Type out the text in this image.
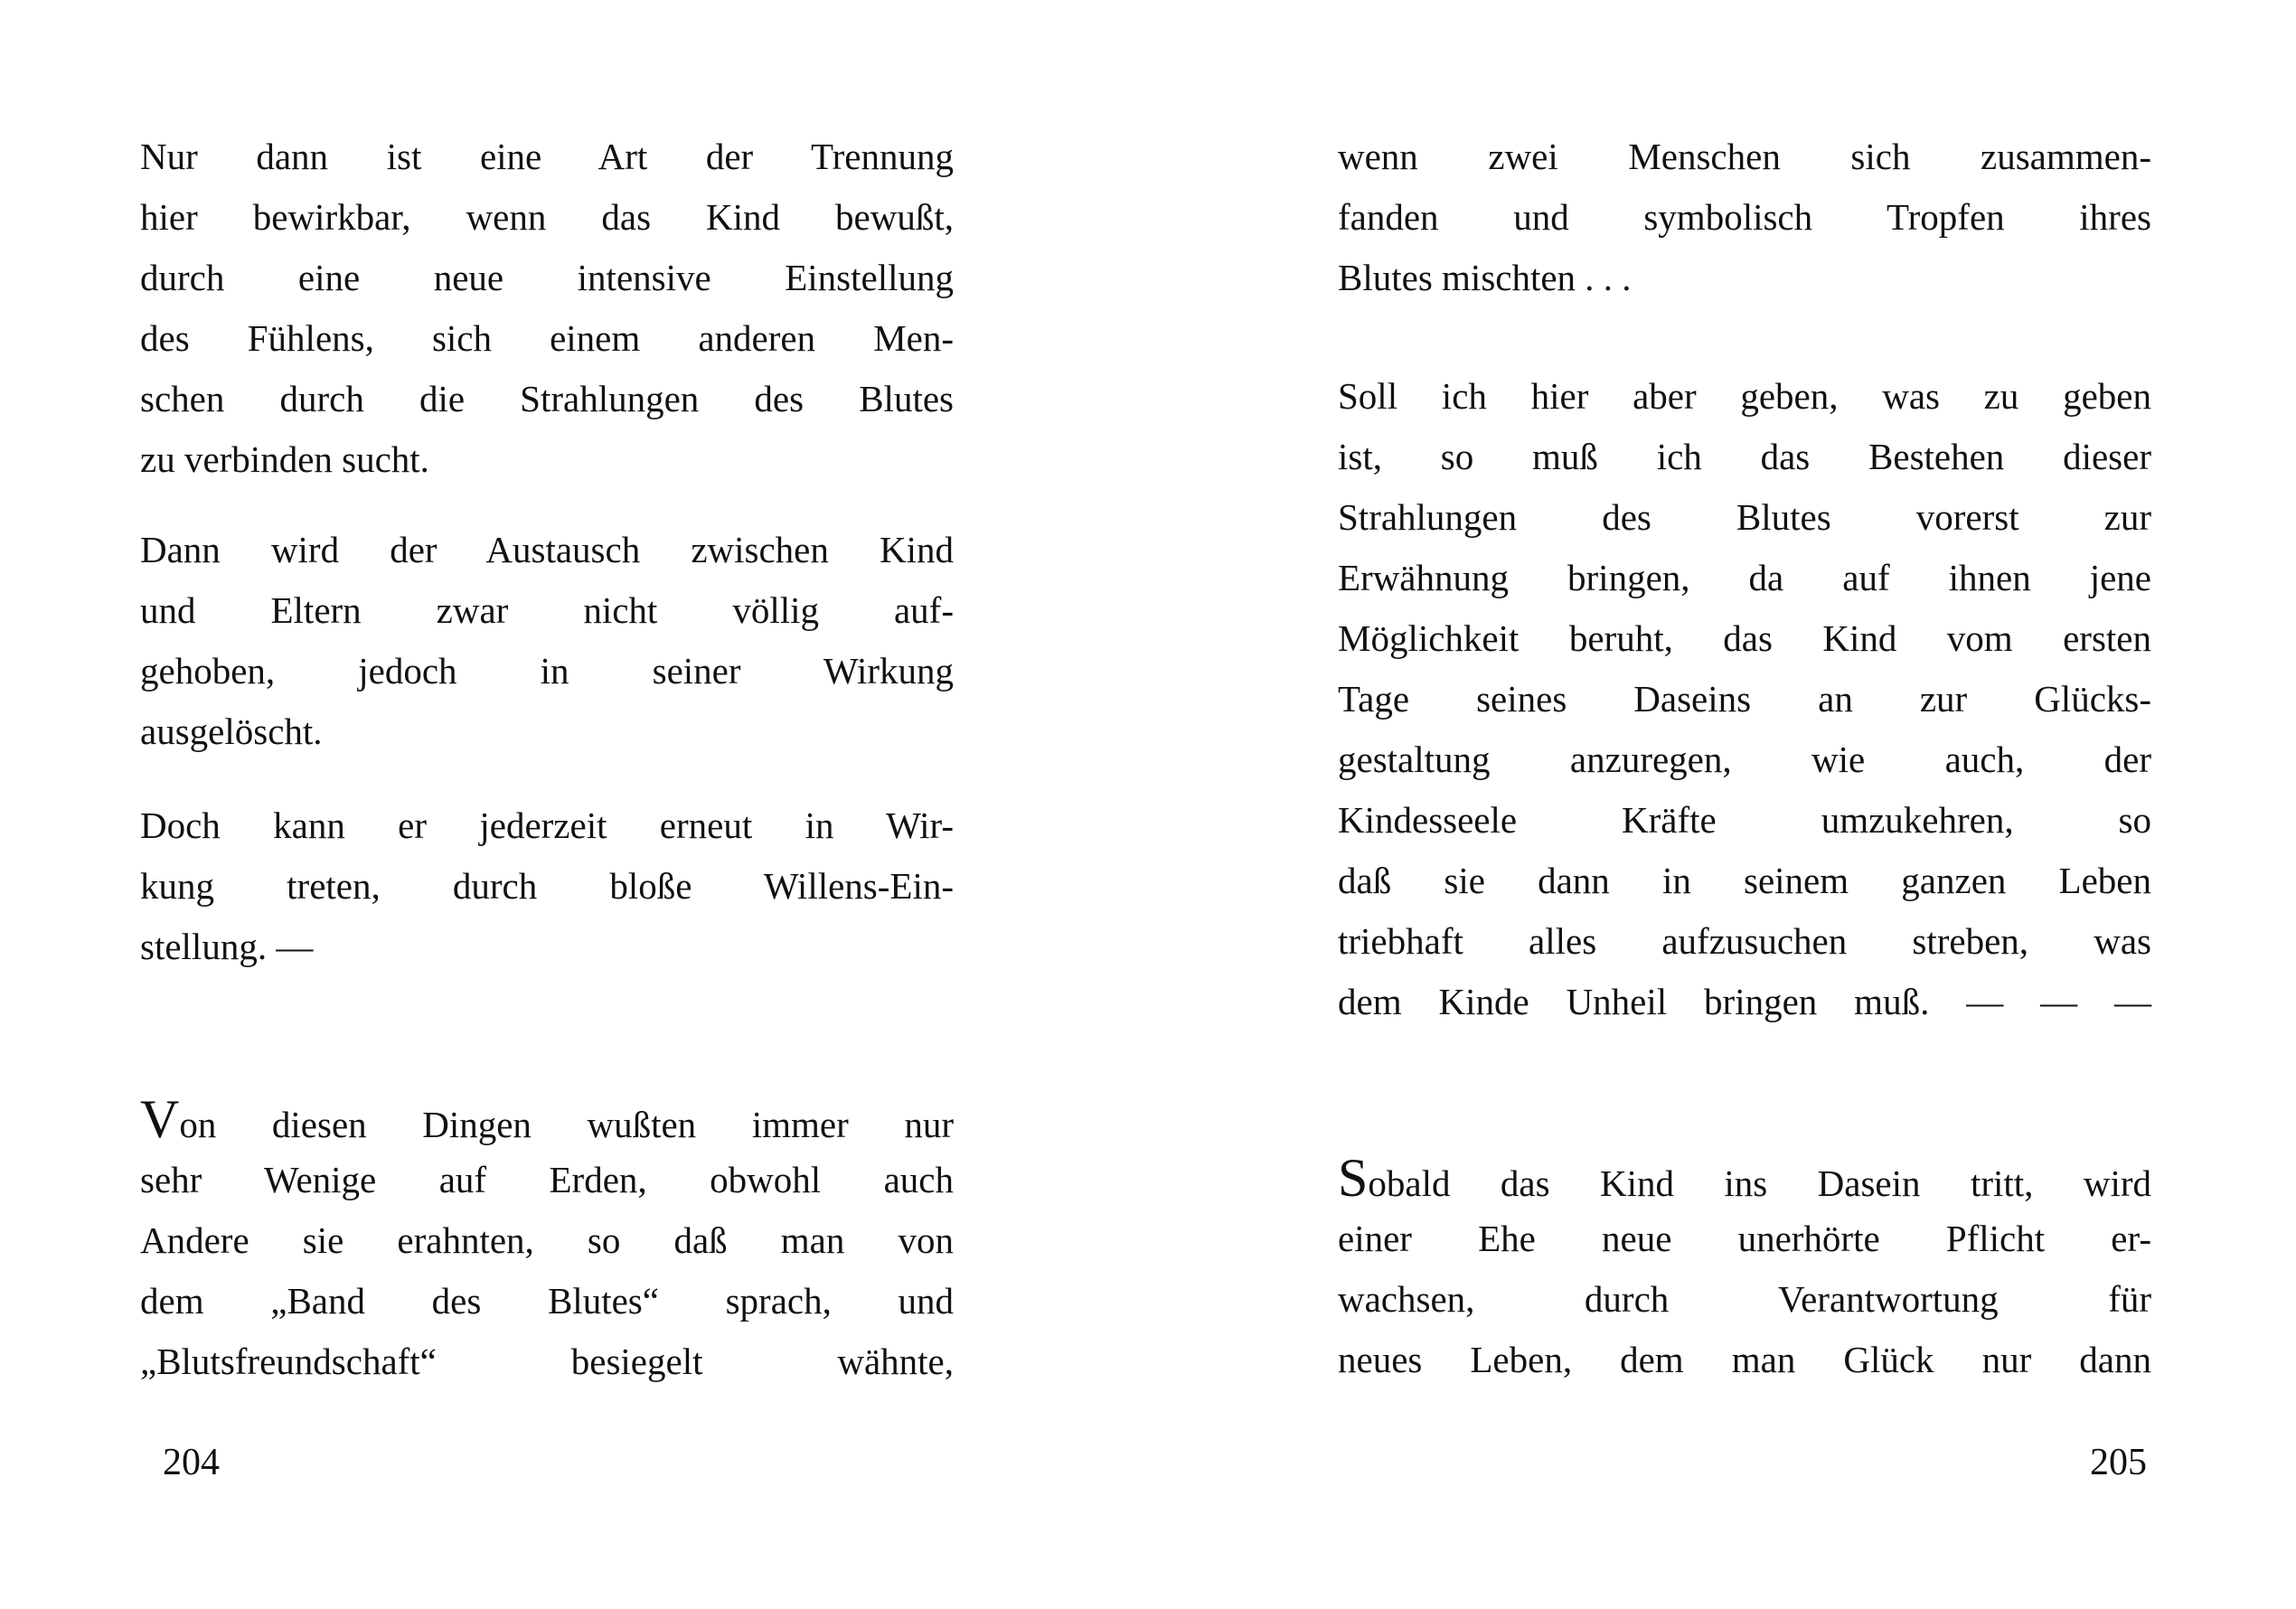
Nur dann ist eine Art der Trennung
hier bewirkbar, wenn das Kind bewußt,
durch eine neue intensive Einstellung
des Fühlens, sich einem anderen Men-
schen durch die Strahlungen des Blutes
zu verbinden sucht.
Dann wird der Austausch zwischen Kind
und Eltern zwar nicht völlig auf-
gehoben, jedoch in seiner Wirkung
ausgelöscht.
Doch kann er jederzeit erneut in Wir-
kung treten, durch bloße Willens-Ein-
stellung. —
Von diesen Dingen wußten immer nur
sehr Wenige auf Erden, obwohl auch
Andere sie erahnten, so daß man von
dem „Band des Blutes“ sprach, und
„Blutsfreundschaft“ besiegelt wähnte,
204
wenn zwei Menschen sich zusammen-
fanden und symbolisch Tropfen ihres
Blutes mischten . . .
Soll ich hier aber geben, was zu geben
ist, so muß ich das Bestehen dieser
Strahlungen des Blutes vorerst zur
Erwähnung bringen, da auf ihnen jene
Möglichkeit beruht, das Kind vom ersten
Tage seines Daseins an zur Glücks-
gestaltung anzuregen, wie auch, der
Kindesseele Kräfte umzukehren, so
daß sie dann in seinem ganzen Leben
triebhaft alles aufzusuchen streben, was
dem Kinde Unheil bringen muß. — — —
Sobald das Kind ins Dasein tritt, wird
einer Ehe neue unerhörte Pflicht er-
wachsen, durch Verantwortung für
neues Leben, dem man Glück nur dann
205
